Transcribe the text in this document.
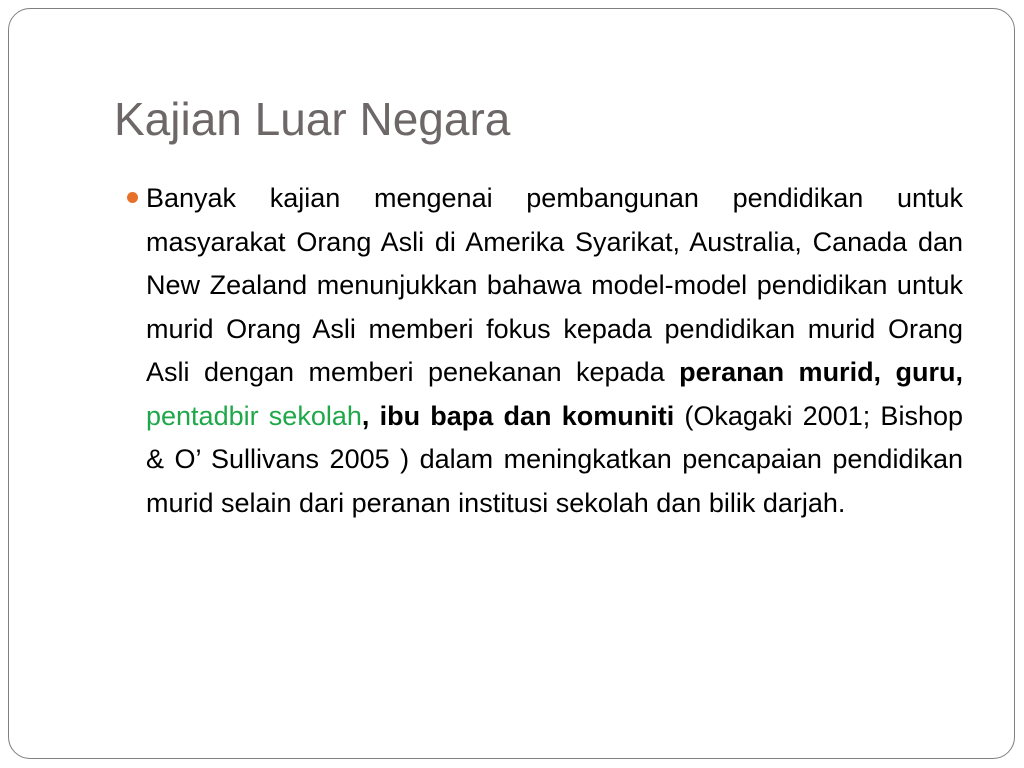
Kajian Luar Negara

Banyak kajian mengenai pembangunan pendidikan untuk masyarakat Orang Asli di Amerika Syarikat, Australia, Canada dan New Zealand menunjukkan bahawa model-model pendidikan untuk murid Orang Asli memberi fokus kepada pendidikan murid Orang Asli dengan memberi penekanan kepada peranan murid, guru, pentadbir sekolah, ibu bapa dan komuniti (Okagaki 2001; Bishop & O’ Sullivans 2005 ) dalam meningkatkan pencapaian pendidikan murid selain dari peranan institusi sekolah dan bilik darjah.
